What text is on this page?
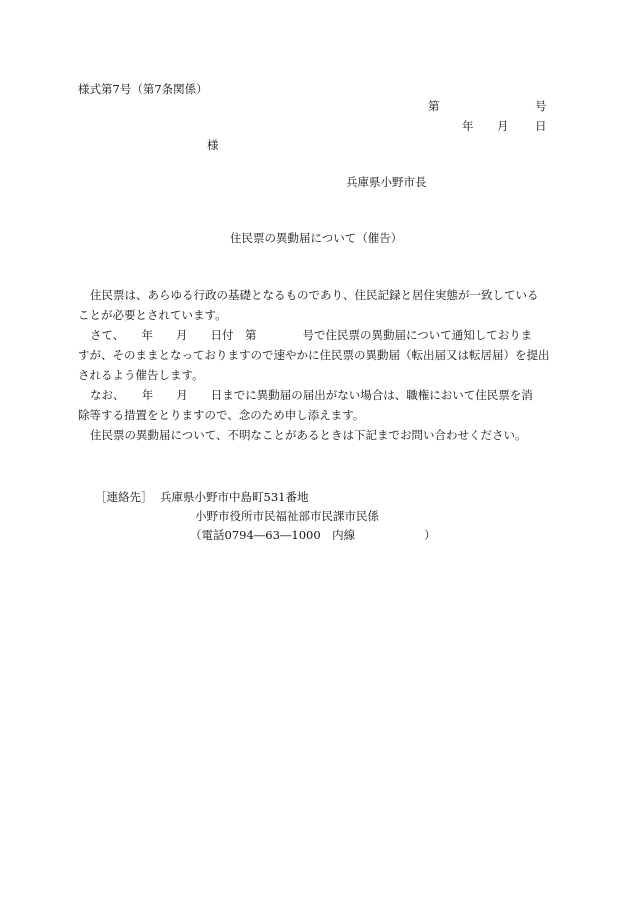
様式第7号（第7条関係）
第	号
年 月 日
様
兵庫県小野市長
住民票の異動届について（催告）
住民票は、あらゆる行政の基礎となるものであり、住民記録と居住実態が一致している
ことが必要とされています。
さて、　　年　　月　　日付　第　　　　号で住民票の異動届について通知しておりま
すが、そのままとなっておりますので速やかに住民票の異動届（転出届又は転居届）を提出
されるよう催告します。
なお、　　年　　月　　日までに異動届の届出がない場合は、職権において住民票を消
除等する措置をとりますので、念のため申し添えます。
住民票の異動届について、不明なことがあるときは下記までお問い合わせください。
［連絡先］ 兵庫県小野市中島町531番地
小野市役所市民福祉部市民課市民係
（電話0794―63―1000　内線　　　　　　）
